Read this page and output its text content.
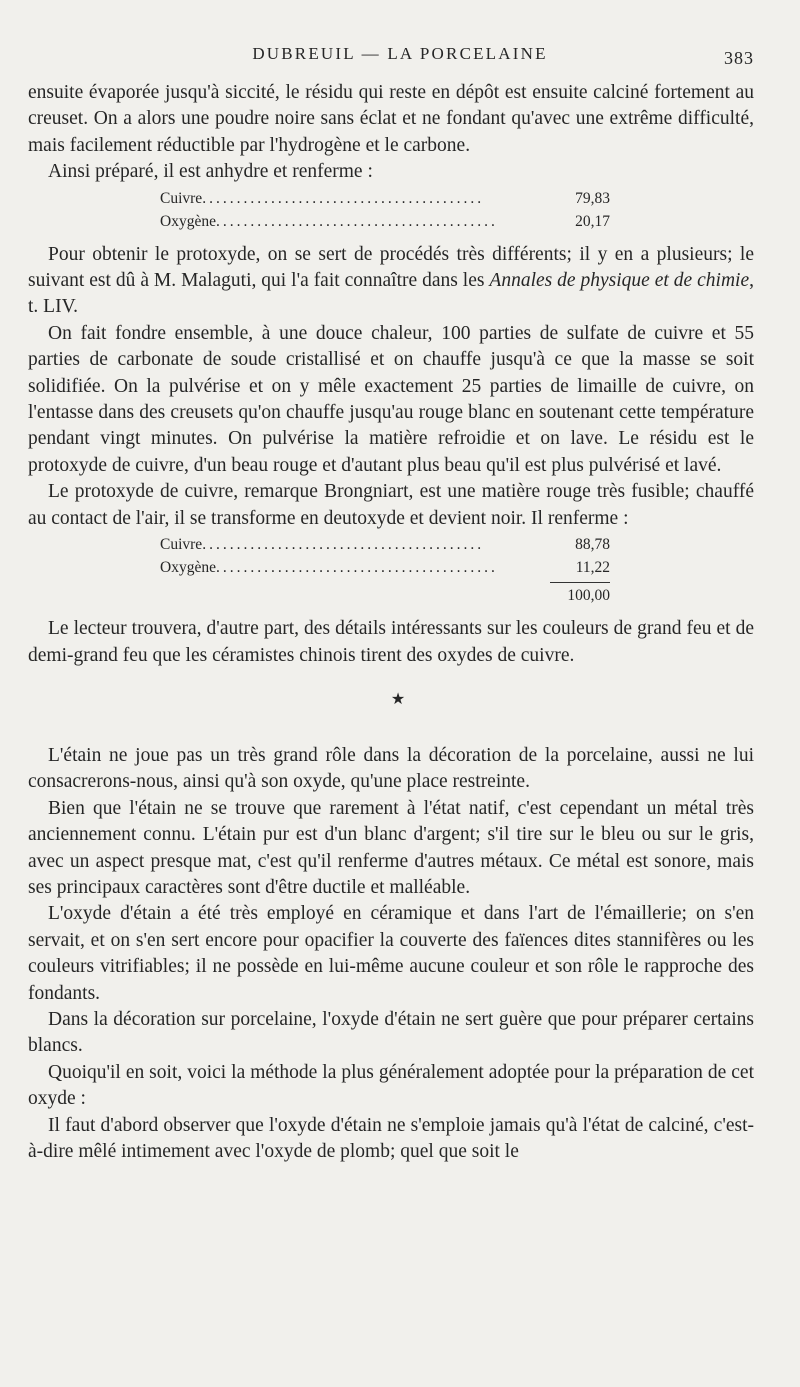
DUBREUIL — LA PORCELAINE	383

ensuite évaporée jusqu'à siccité, le résidu qui reste en dépôt est ensuite calciné fortement au creuset. On a alors une poudre noire sans éclat et ne fondant qu'avec une extrême difficulté, mais facilement réductible par l'hydrogène et le carbone.

Ainsi préparé, il est anhydre et renferme :

Cuivre.........................................	79,83
Oxygène.........................................	20,17

Pour obtenir le protoxyde, on se sert de procédés très différents; il y en a plusieurs; le suivant est dû à M. Malaguti, qui l'a fait connaître dans les Annales de physique et de chimie, t. LIV.

On fait fondre ensemble, à une douce chaleur, 100 parties de sulfate de cuivre et 55 parties de carbonate de soude cristallisé et on chauffe jusqu'à ce que la masse se soit solidifiée. On la pulvérise et on y mêle exactement 25 parties de limaille de cuivre, on l'entasse dans des creusets qu'on chauffe jusqu'au rouge blanc en soutenant cette température pendant vingt minutes. On pulvérise la matière refroidie et on lave. Le résidu est le protoxyde de cuivre, d'un beau rouge et d'autant plus beau qu'il est plus pulvérisé et lavé.

Le protoxyde de cuivre, remarque Brongniart, est une matière rouge très fusible; chauffé au contact de l'air, il se transforme en deutoxyde et devient noir. Il renferme :

Cuivre.........................................	88,78
Oxygène.........................................	11,22
	100,00

Le lecteur trouvera, d'autre part, des détails intéressants sur les couleurs de grand feu et de demi-grand feu que les céramistes chinois tirent des oxydes de cuivre.

★

L'étain ne joue pas un très grand rôle dans la décoration de la porcelaine, aussi ne lui consacrerons-nous, ainsi qu'à son oxyde, qu'une place restreinte.

Bien que l'étain ne se trouve que rarement à l'état natif, c'est cependant un métal très anciennement connu. L'étain pur est d'un blanc d'argent; s'il tire sur le bleu ou sur le gris, avec un aspect presque mat, c'est qu'il renferme d'autres métaux. Ce métal est sonore, mais ses principaux caractères sont d'être ductile et malléable.

L'oxyde d'étain a été très employé en céramique et dans l'art de l'émaillerie; on s'en servait, et on s'en sert encore pour opacifier la couverte des faïences dites stannifères ou les couleurs vitrifiables; il ne possède en lui-même aucune couleur et son rôle le rapproche des fondants.

Dans la décoration sur porcelaine, l'oxyde d'étain ne sert guère que pour préparer certains blancs.

Quoiqu'il en soit, voici la méthode la plus généralement adoptée pour la préparation de cet oxyde :

Il faut d'abord observer que l'oxyde d'étain ne s'emploie jamais qu'à l'état de calciné, c'est-à-dire mêlé intimement avec l'oxyde de plomb; quel que soit le
